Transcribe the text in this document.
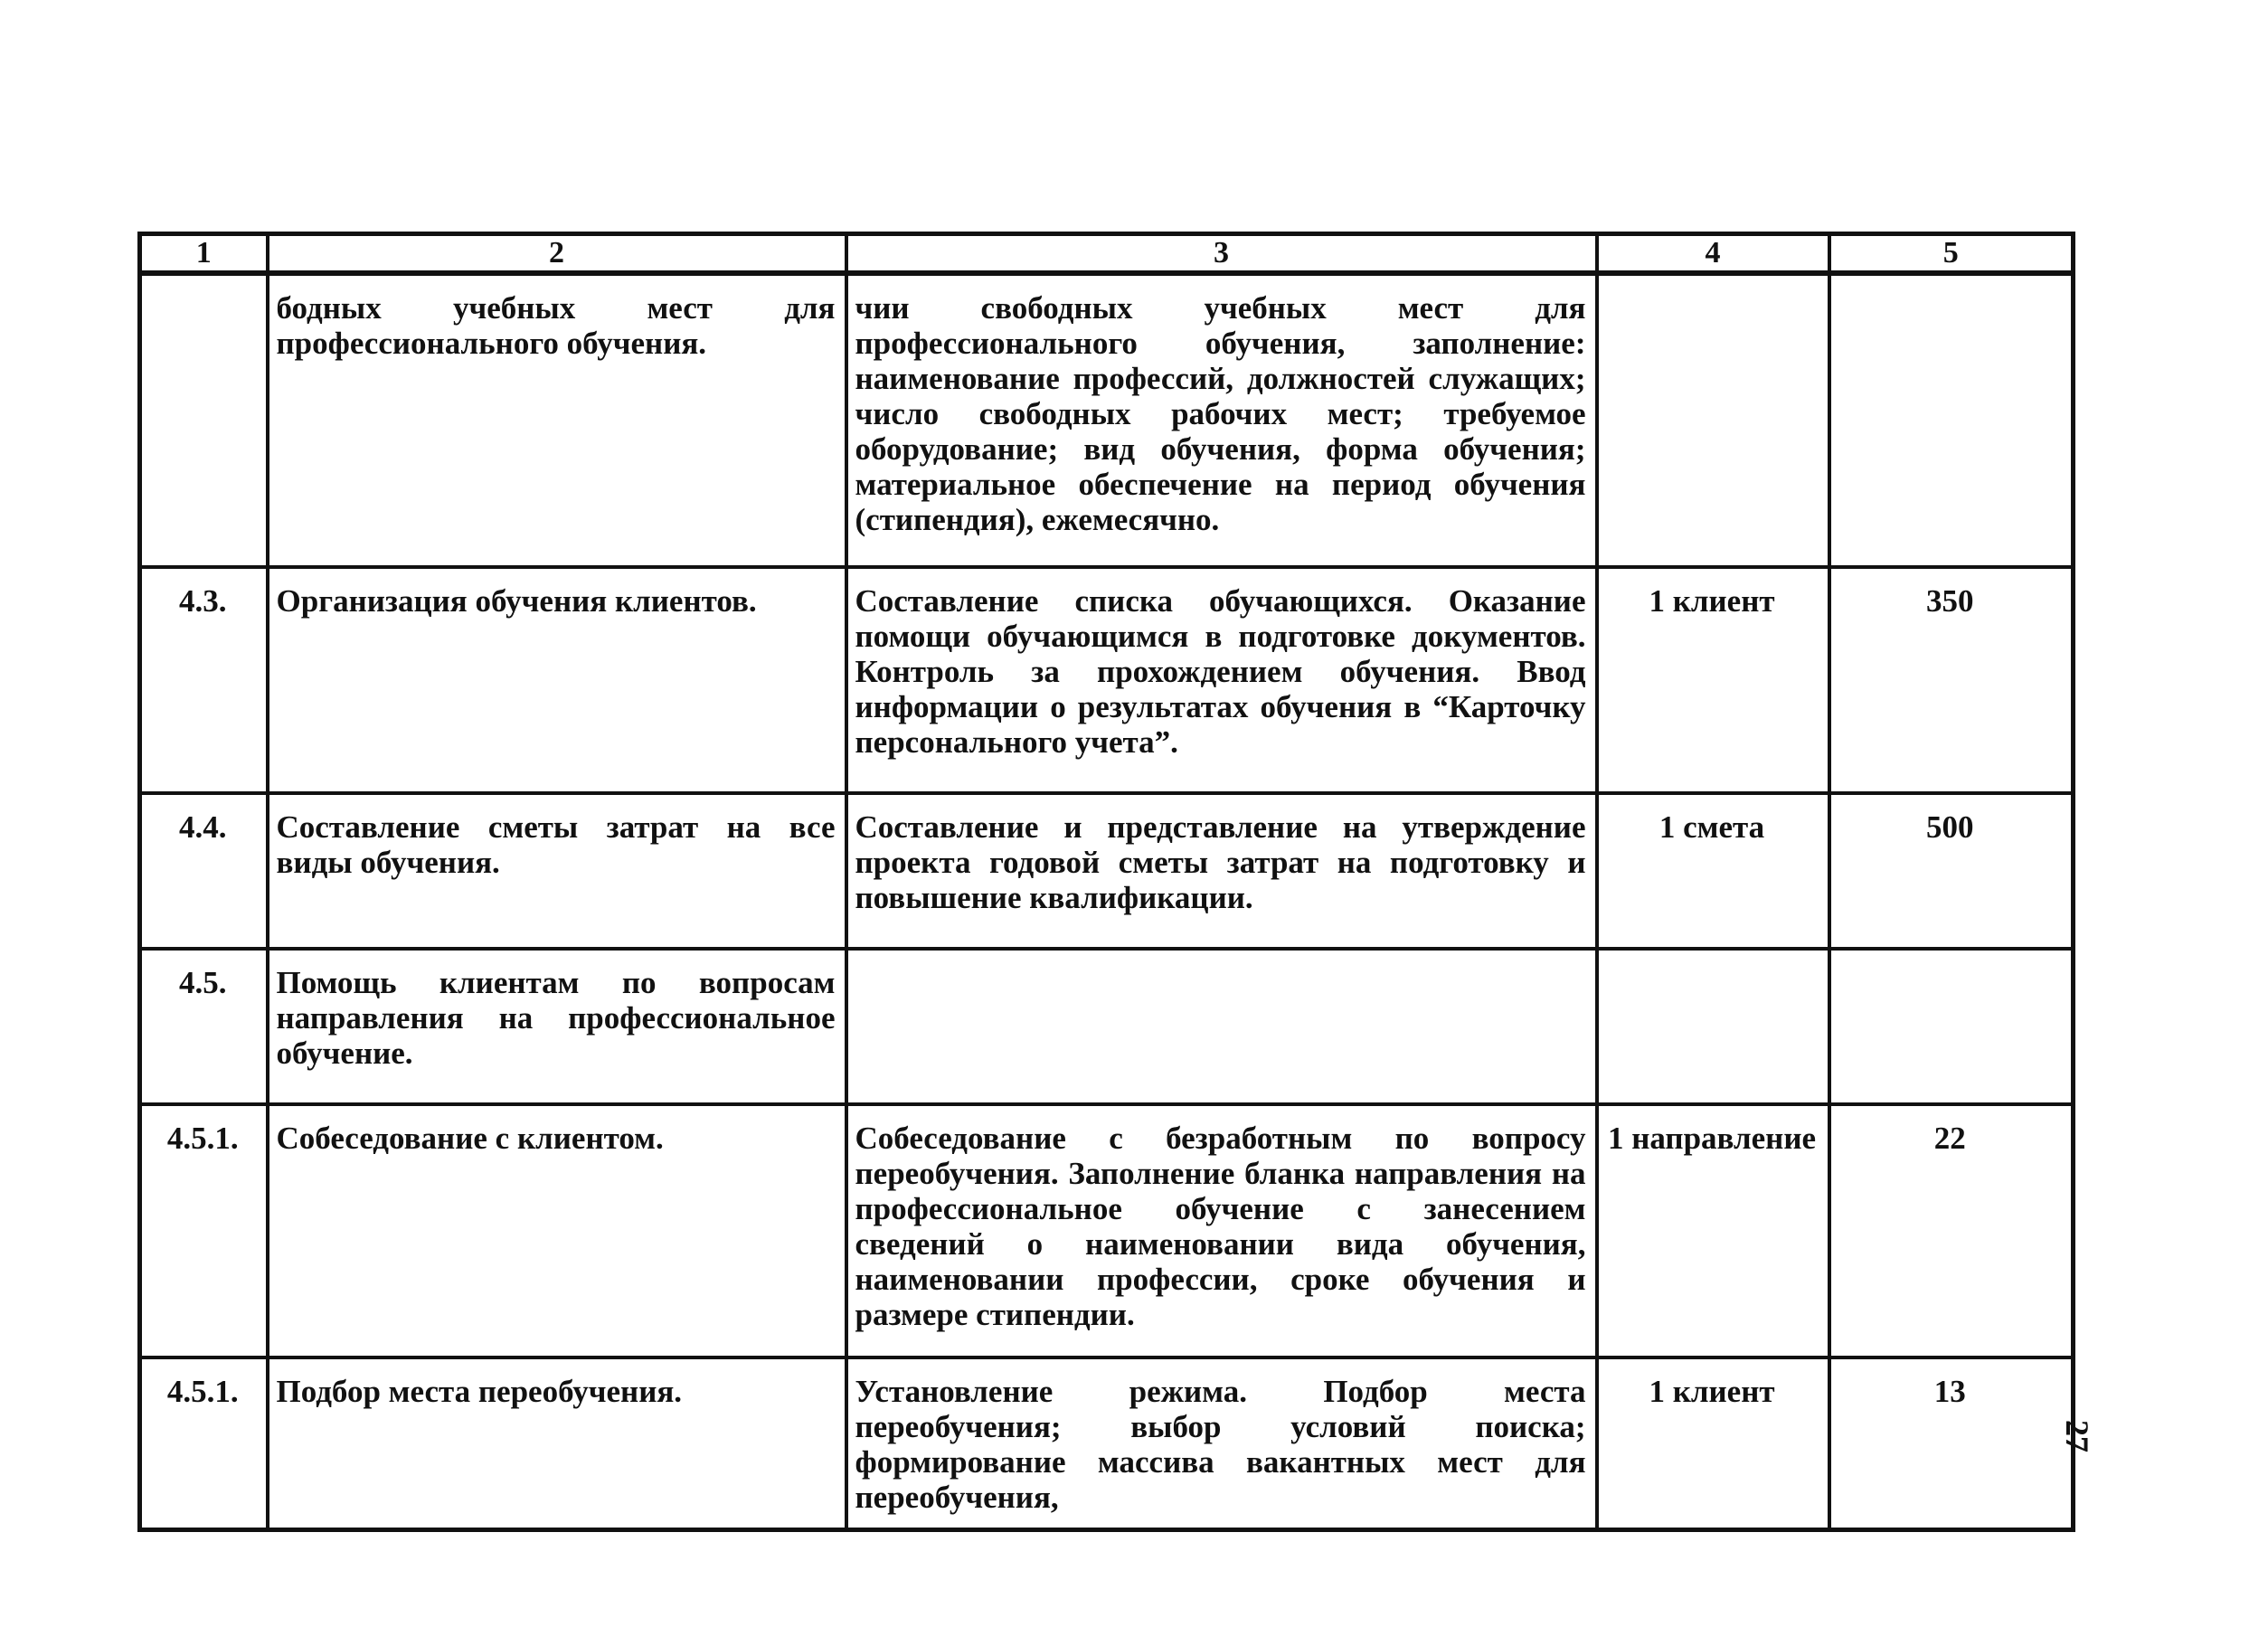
1	2	3	4	5
	бодных учебных мест для профессионального обучения.	чии свободных учебных мест для профессионального обучения, заполнение: наименование профессий, должностей служащих; число свободных рабочих мест; требуемое оборудование; вид обучения, форма обучения; материальное обеспечение на период обучения (стипендия), ежемесячно.		
4.3.	Организация обучения клиентов.	Составление списка обучающихся. Оказание помощи обучающимся в подготовке документов. Контроль за прохождением обучения. Ввод информации о результатах обучения в “Карточку персонального учета”.	1 клиент	350
4.4.	Составление сметы затрат на все виды обучения.	Составление и представление на утверждение проекта годовой сметы затрат на подготовку и повышение квалификации.	1 смета	500
4.5.	Помощь клиентам по вопросам направления на профессиональное обучение.			
4.5.1.	Собеседование с клиентом.	Собеседование с безработным по вопросу переобучения. Заполнение бланка направления на профессиональное обучение с занесением сведений о наименовании вида обучения, наименовании профессии, сроке обучения и размере стипендии.	1 направление	22
4.5.1.	Подбор места переобучения.	Установление режима. Подбор места переобучения; выбор условий поиска; формирование массива вакантных мест для переобучения,	1 клиент	13
27
